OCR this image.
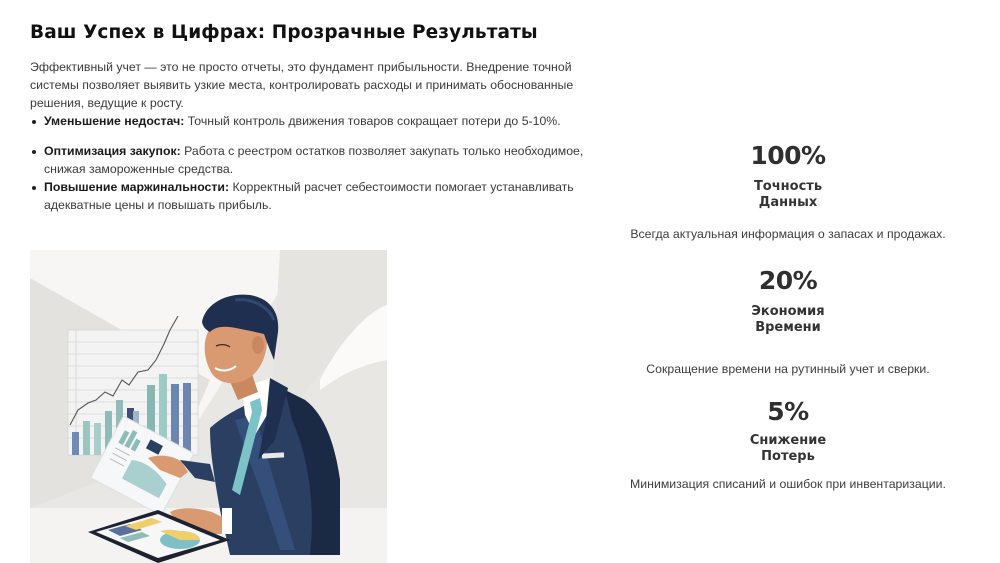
Ваш Успех в Цифрах: Прозрачные Результаты

Эффективный учет — это не просто отчеты, это фундамент прибыльности. Внедрение точной системы позволяет выявить узкие места, контролировать расходы и принимать обоснованные решения, ведущие к росту.

Уменьшение недостач: Точный контроль движения товаров сокращает потери до 5-10%.
Оптимизация закупок: Работа с реестром остатков позволяет закупать только необходимое, снижая замороженные средства.
Повышение маржинальности: Корректный расчет себестоимости помогает устанавливать адекватные цены и повышать прибыль.
100%
Точность Данных
Всегда актуальная информация о запасах и продажах.
20%
Экономия Времени
Сокращение времени на рутинный учет и сверки.
5%
Снижение Потерь
Минимизация списаний и ошибок при инвентаризации.
